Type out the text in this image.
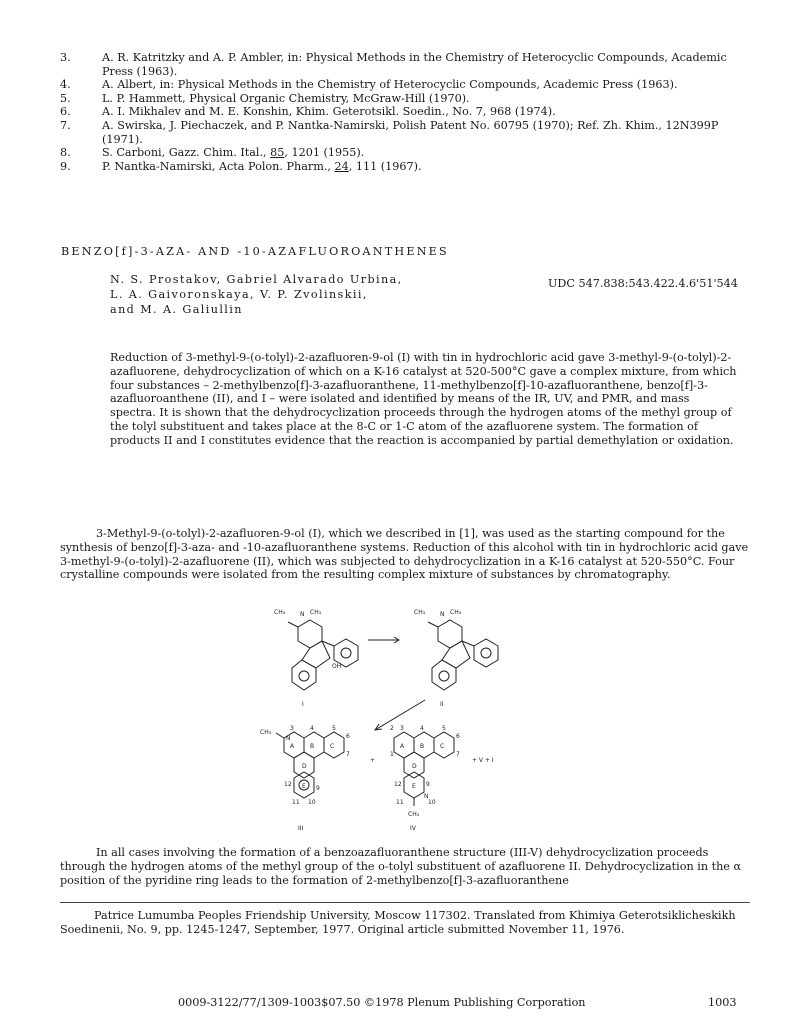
3.	A. R. Katritzky and A. P. Ambler, in: Physical Methods in the Chemistry of Heterocyclic Compounds, Academic Press (1963).
4.	A. Albert, in: Physical Methods in the Chemistry of Heterocyclic Compounds, Academic Press (1963).
5.	L. P. Hammett, Physical Organic Chemistry, McGraw-Hill (1970).
6.	A. I. Mikhalev and M. E. Konshin, Khim. Geterotsikl. Soedin., No. 7, 968 (1974).
7.	A. Swirska, J. Piechaczek, and P. Nantka-Namirski, Polish Patent No. 60795 (1970); Ref. Zh. Khim., 12N399P (1971).
8.	S. Carboni, Gazz. Chim. Ital., 85, 1201 (1955).
9.	P. Nantka-Namirski, Acta Polon. Pharm., 24, 111 (1967).
BENZO[f]-3-AZA- AND -10-AZAFLUOROANTHENES
N. S. Prostakov, Gabriel Alvarado Urbina,
L. A. Gaivoronskaya, V. P. Zvolinskii,
and M. A. Galiullin
UDC 547.838:543.422.4.6'51'544
Reduction of 3-methyl-9-(o-tolyl)-2-azafluoren-9-ol (I) with tin in hydrochloric acid gave 3-methyl-9-(o-tolyl)-2-azafluorene, dehydrocyclization of which on a K-16 catalyst at 520-500°C gave a complex mixture, from which four substances – 2-methylbenzo[f]-3-azafluoranthene, 11-methylbenzo[f]-10-azafluoranthene, benzo[f]-3-azafluoroanthene (II), and I – were isolated and identified by means of the IR, UV, and PMR, and mass spectra. It is shown that the dehydrocyclization proceeds through the hydrogen atoms of the methyl group of the tolyl substituent and takes place at the 8-C or 1-C atom of the azafluorene system. The formation of products II and I constitutes evidence that the reaction is accompanied by partial demethylation or oxidation.
3-Methyl-9-(o-tolyl)-2-azafluoren-9-ol (I), which we described in [1], was used as the starting compound for the synthesis of benzo[f]-3-aza- and -10-azafluoranthene systems. Reduction of this alcohol with tin in hydrochloric acid gave 3-methyl-9-(o-tolyl)-2-azafluorene (II), which was subjected to dehydrocyclization in a K-16 catalyst at 520-550°C. Four crystalline compounds were isolated from the resulting complex mixture of substances by chromatography.
CH₃ N CH₃
OH
I
CH₃ N CH₃
II
CH₃
N
A	B	C
D
E
3	4	5
6
7
9
10
11
12
III
+
A	B	C
D
E
3	4	5
6
7
2
1
9
N
10
11
12
CH₃
IV
+ V + I
In all cases involving the formation of a benzoazafluoranthene structure (III-V) dehydrocyclization proceeds through the hydrogen atoms of the methyl group of the o-tolyl substituent of azafluorene II. Dehydrocyclization in the α position of the pyridine ring leads to the formation of 2-methylbenzo[f]-3-azafluoranthene
Patrice Lumumba Peoples Friendship University, Moscow 117302. Translated from Khimiya Geterotsiklicheskikh Soedinenii, No. 9, pp. 1245-1247, September, 1977. Original article submitted November 11, 1976.
0009-3122/77/1309-1003$07.50 ©1978 Plenum Publishing Corporation	1003
